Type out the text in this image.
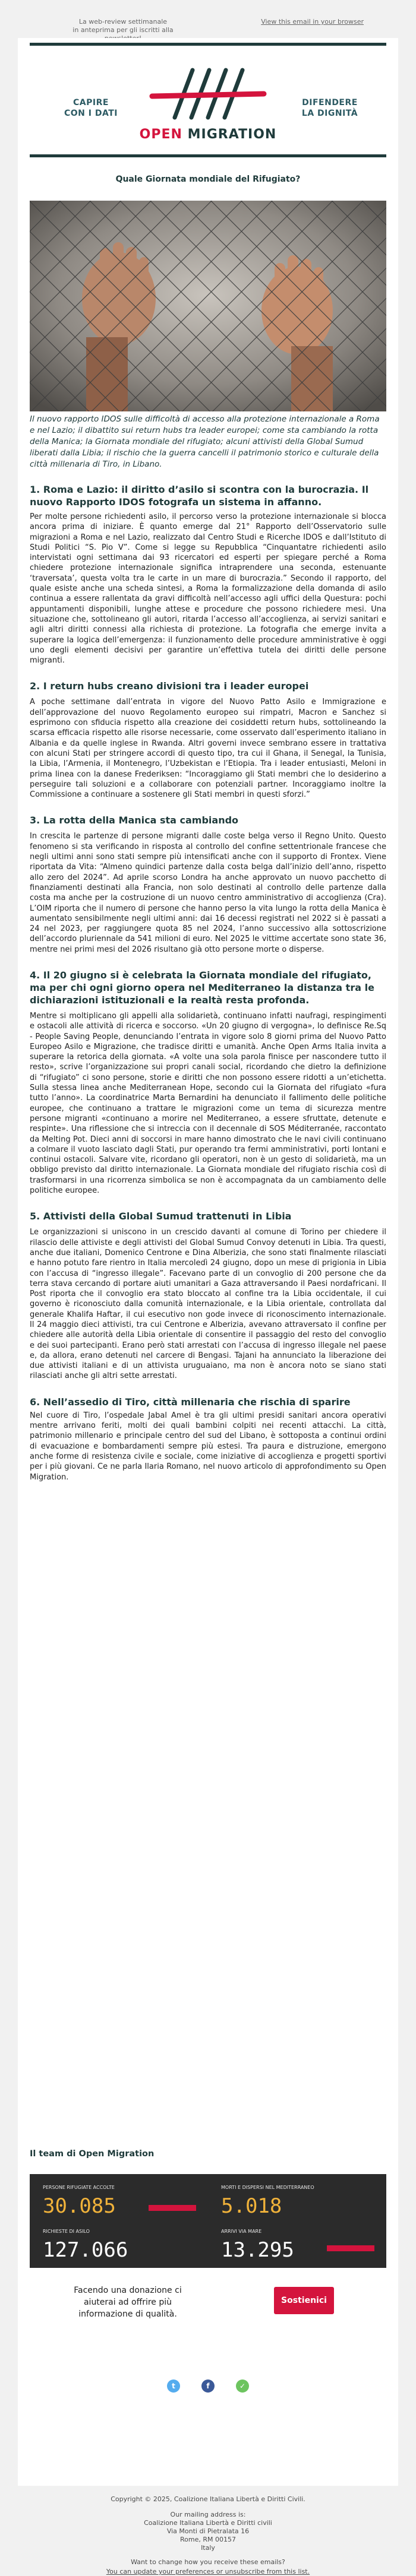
La web-review settimanale
in anteprima per gli iscritti alla
View this email in your browser
CAPIRE
CON I DATI
DIFENDERE
LA DIGNITÀ
OPEN MIGRATION
Quale Giornata mondiale del Rifugiato?
Il nuovo rapporto IDOS sulle difficoltà di accesso alla protezione internazionale a Roma e nel Lazio; il dibattito sui return hubs tra leader europei; come sta cambiando la rotta della Manica; la Giornata mondiale del rifugiato; alcuni attivisti della Global Sumud liberati dalla Libia; il rischio che la guerra cancelli il patrimonio storico e culturale della città millenaria di Tiro, in Libano.
1. Roma e Lazio: il diritto d’asilo si scontra con la burocrazia. Il nuovo Rapporto IDOS fotografa un sistema in affanno.

Per molte persone richiedenti asilo, il percorso verso la protezione internazionale si blocca ancora prima di iniziare. È quanto emerge dal 21° Rapporto dell’Osservatorio sulle migrazioni a Roma e nel Lazio, realizzato dal Centro Studi e Ricerche IDOS e dall’Istituto di Studi Politici “S. Pio V”. Come si legge su Repubblica “Cinquantatre richiedenti asilo intervistati ogni settimana dai 93 ricercatori ed esperti per spiegare perché a Roma chiedere protezione internazionale significa intraprendere una seconda, estenuante ‘traversata’, questa volta tra le carte in un mare di burocrazia.” Secondo il rapporto, del quale esiste anche una scheda sintesi, a Roma la formalizzazione della domanda di asilo continua a essere rallentata da gravi difficoltà nell’accesso agli uffici della Questura: pochi appuntamenti disponibili, lunghe attese e procedure che possono richiedere mesi. Una situazione che, sottolineano gli autori, ritarda l’accesso all’accoglienza, ai servizi sanitari e agli altri diritti connessi alla richiesta di protezione. La fotografia che emerge invita a superare la logica dell’emergenza: il funzionamento delle procedure amministrative è oggi uno degli elementi decisivi per garantire un’effettiva tutela dei diritti delle persone migranti.

2. I return hubs creano divisioni tra i leader europei

A poche settimane dall’entrata in vigore del Nuovo Patto Asilo e Immigrazione e dell’approvazione del nuovo Regolamento europeo sui rimpatri, Macron e Sanchez si esprimono con sfiducia rispetto alla creazione dei cosiddetti return hubs, sottolineando la scarsa efficacia rispetto alle risorse necessarie, come osservato dall’esperimento italiano in Albania e da quelle inglese in Rwanda. Altri governi invece sembrano essere in trattativa con alcuni Stati per stringere accordi di questo tipo, tra cui il Ghana, il Senegal, la Tunisia, la Libia, l’Armenia, il Montenegro, l’Uzbekistan e l’Etiopia. Tra i leader entusiasti, Meloni in prima linea con la danese Frederiksen: “Incoraggiamo gli Stati membri che lo desiderino a perseguire tali soluzioni e a collaborare con potenziali partner. Incoraggiamo inoltre la Commissione a continuare a sostenere gli Stati membri in questi sforzi.”

3. La rotta della Manica sta cambiando

In crescita le partenze di persone migranti dalle coste belga verso il Regno Unito. Questo fenomeno si sta verificando in risposta al controllo del confine settentrionale francese che negli ultimi anni sono stati sempre più intensificati anche con il supporto di Frontex. Viene riportata da Vita: “Almeno quindici partenze dalla costa belga dall’inizio dell’anno, rispetto allo zero del 2024”. Ad aprile scorso Londra ha anche approvato un nuovo pacchetto di finanziamenti destinati alla Francia, non solo destinati al controllo delle partenze dalla costa ma anche per la costruzione di un nuovo centro amministrativo di accoglienza (Cra). L’OIM riporta che il numero di persone che hanno perso la vita lungo la rotta della Manica è aumentato sensibilmente negli ultimi anni: dai 16 decessi registrati nel 2022 si è passati a 24 nel 2023, per raggiungere quota 85 nel 2024, l’anno successivo alla sottoscrizione dell’accordo pluriennale da 541 milioni di euro. Nel 2025 le vittime accertate sono state 36, mentre nei primi mesi del 2026 risultano già otto persone morte o disperse.

4. Il 20 giugno si è celebrata la Giornata mondiale del rifugiato, ma per chi ogni giorno opera nel Mediterraneo la distanza tra le dichiarazioni istituzionali e la realtà resta profonda.

Mentre si moltiplicano gli appelli alla solidarietà, continuano infatti naufragi, respingimenti e ostacoli alle attività di ricerca e soccorso. «Un 20 giugno di vergogna», lo definisce Re.Sq - People Saving People, denunciando l’entrata in vigore solo 8 giorni prima del Nuovo Patto Europeo Asilo e Migrazione, che tradisce diritti e umanità. Anche Open Arms Italia invita a superare la retorica della giornata. «A volte una sola parola finisce per nascondere tutto il resto», scrive l’organizzazione sui propri canali social, ricordando che dietro la definizione di “rifugiato” ci sono persone, storie e diritti che non possono essere ridotti a un’etichetta. Sulla stessa linea anche Mediterranean Hope, secondo cui la Giornata del rifugiato «fura tutto l’anno». La coordinatrice Marta Bernardini ha denunciato il fallimento delle politiche europee, che continuano a trattare le migrazioni come un tema di sicurezza mentre persone migranti «continuano a morire nel Mediterraneo, a essere sfruttate, detenute e respinte». Una riflessione che si intreccia con il decennale di SOS Méditerranée, raccontato da Melting Pot. Dieci anni di soccorsi in mare hanno dimostrato che le navi civili continuano a colmare il vuoto lasciato dagli Stati, pur operando tra fermi amministrativi, porti lontani e continui ostacoli. Salvare vite, ricordano gli operatori, non è un gesto di solidarietà, ma un obbligo previsto dal diritto internazionale. La Giornata mondiale del rifugiato rischia così di trasformarsi in una ricorrenza simbolica se non è accompagnata da un cambiamento delle politiche europee.

5. Attivisti della Global Sumud trattenuti in Libia

Le organizzazioni si uniscono in un crescido davanti al comune di Torino per chiedere il rilascio delle attiviste e degli attivisti del Global Sumud Convoy detenuti in Libia. Tra questi, anche due italiani, Domenico Centrone e Dina Alberizia, che sono stati finalmente rilasciati e hanno potuto fare rientro in Italia mercoledì 24 giugno, dopo un mese di prigionia in Libia con l’accusa di “ingresso illegale”. Facevano parte di un convoglio di 200 persone che da terra stava cercando di portare aiuti umanitari a Gaza attraversando il Paesi nordafricani. Il Post riporta che il convoglio era stato bloccato al confine tra la Libia occidentale, il cui governo è riconosciuto dalla comunità internazionale, e la Libia orientale, controllata dal generale Khalifa Haftar, il cui esecutivo non gode invece di riconoscimento internazionale. Il 24 maggio dieci attivisti, tra cui Centrone e Alberizia, avevano attraversato il confine per chiedere alle autorità della Libia orientale di consentire il passaggio del resto del convoglio e dei suoi partecipanti. Erano però stati arrestati con l’accusa di ingresso illegale nel paese e, da allora, erano detenuti nel carcere di Bengasi. Tajani ha annunciato la liberazione dei due attivisti italiani e di un attivista uruguaiano, ma non è ancora noto se siano stati rilasciati anche gli altri sette arrestati.

6. Nell’assedio di Tiro, città millenaria che rischia di sparire

Nel cuore di Tiro, l’ospedale Jabal Amel è tra gli ultimi presidi sanitari ancora operativi mentre arrivano feriti, molti dei quali bambini colpiti nei recenti attacchi. La città, patrimonio millenario e principale centro del sud del Libano, è sottoposta a continui ordini di evacuazione e bombardamenti sempre più estesi. Tra paura e distruzione, emergono anche forme di resistenza civile e sociale, come iniziative di accoglienza e progetti sportivi per i più giovani. Ce ne parla Ilaria Romano, nel nuovo articolo di approfondimento su Open Migration.

Il team di Open Migration
PERSONE RIFUGIATE ACCOLTE
30.085
RICHIESTE DI ASILO
127.066
MORTI E DISPERSI NEL MEDITERRANEO
5.018
ARRIVI VIA MARE
13.295
Facendo una donazione ci aiuterai ad offrire più informazione di qualità.
Sostienici
t	f	✓
Copyright © 2025, Coalizione Italiana Libertà e Diritti Civili.
Our mailing address is:
Coalizione Italiana Libertà e Diritti civili
Via Monti di Pietralata 16
Rome, RM 00157
Italy
Want to change how you receive these emails?
You can update your preferences or unsubscribe from this list.
